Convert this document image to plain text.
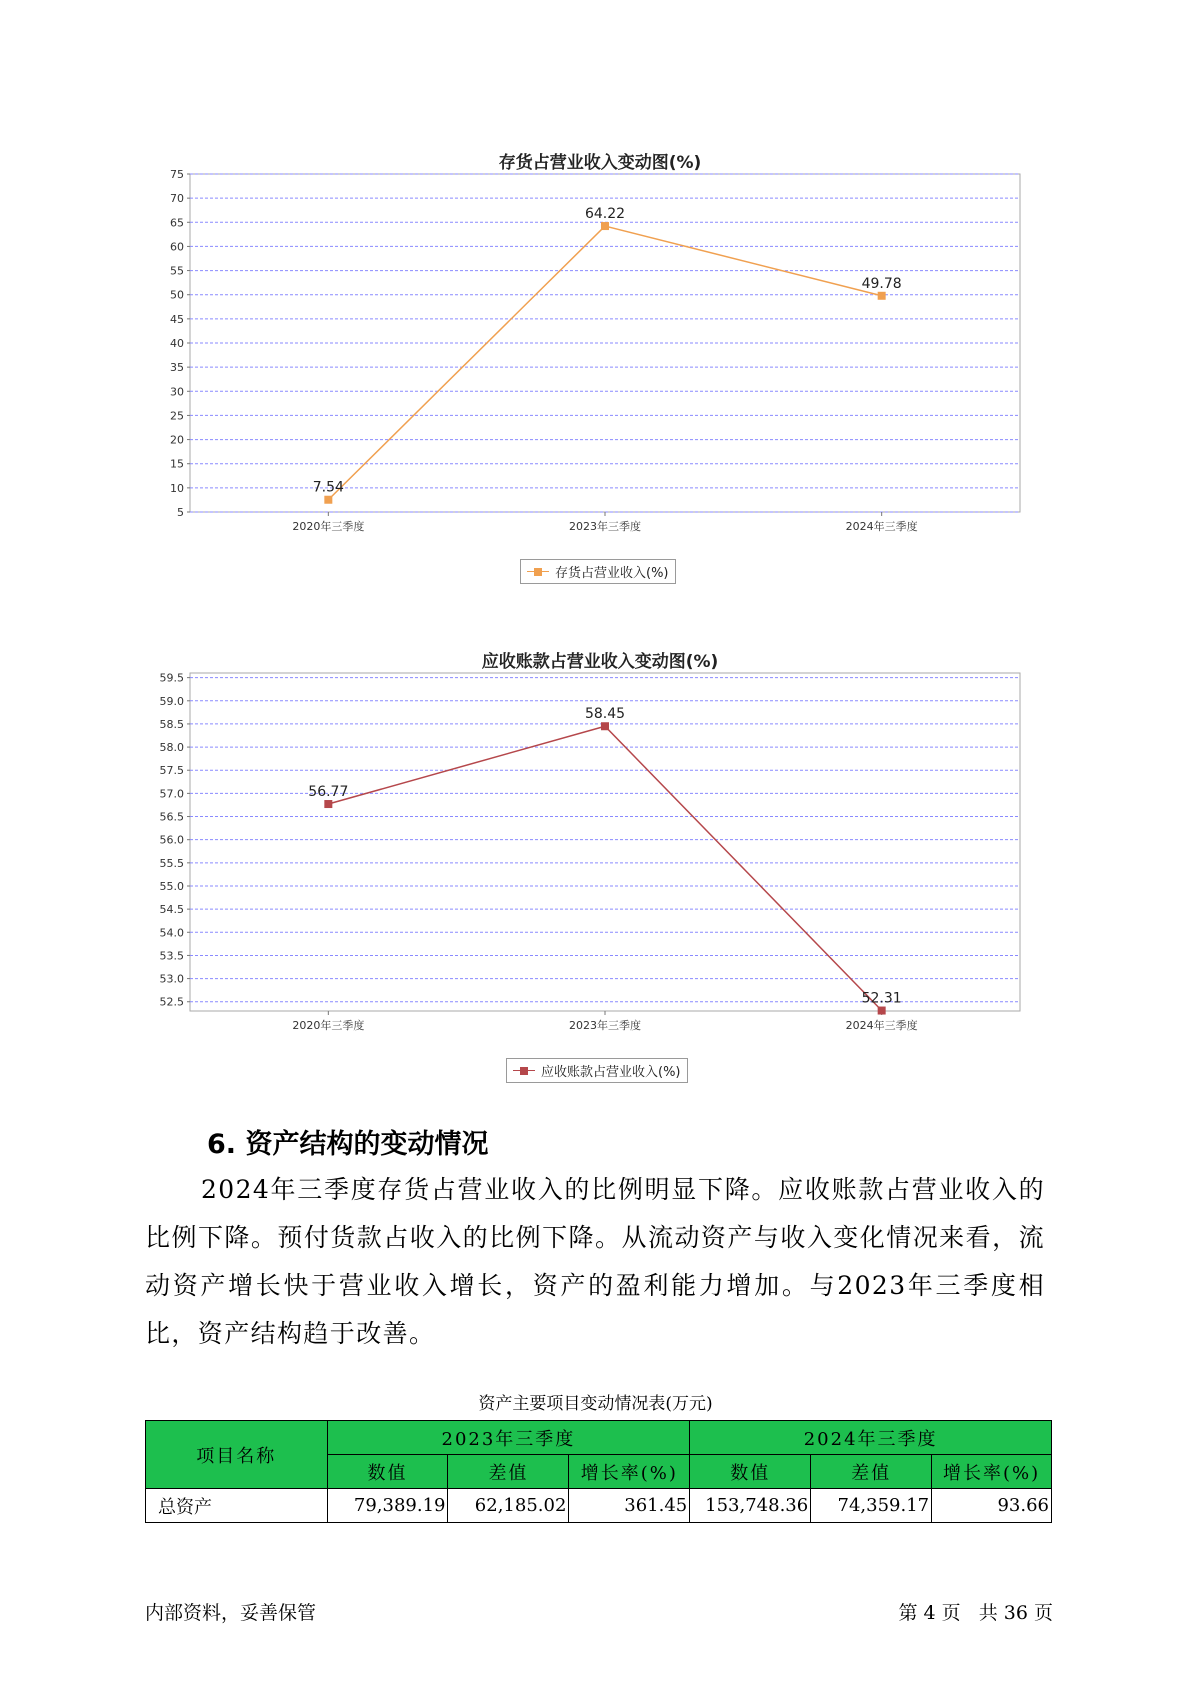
存货占营业收入变动图(%)
5
10
15
20
25
30
35
40
45
50
55
60
65
70
75
2020年三季度	2023年三季度	2024年三季度
7.54
64.22
49.78
存货占营业收入(%)
应收账款占营业收入变动图(%)
52.5
53.0
53.5
54.0
54.5
55.0
55.5
56.0
56.5
57.0
57.5
58.0
58.5
59.0
59.5
2020年三季度	2023年三季度	2024年三季度
56.77
58.45
52.31
应收账款占营业收入(%)
6. 资产结构的变动情况
2024年三季度存货占营业收入的比例明显下降。应收账款占营业收入的比例下降。预付货款占收入的比例下降。从流动资产与收入变化情况来看，流动资产增长快于营业收入增长，资产的盈利能力增加。与2023年三季度相比，资产结构趋于改善。
资产主要项目变动情况表(万元)
项目名称	2023年三季度			2024年三季度		
	数值	差值	增长率(%)	数值	差值	增长率(%)
总资产	79,389.19	62,185.02	361.45	153,748.36	74,359.17	93.66
内部资料，妥善保管	第 4 页   共 36 页
